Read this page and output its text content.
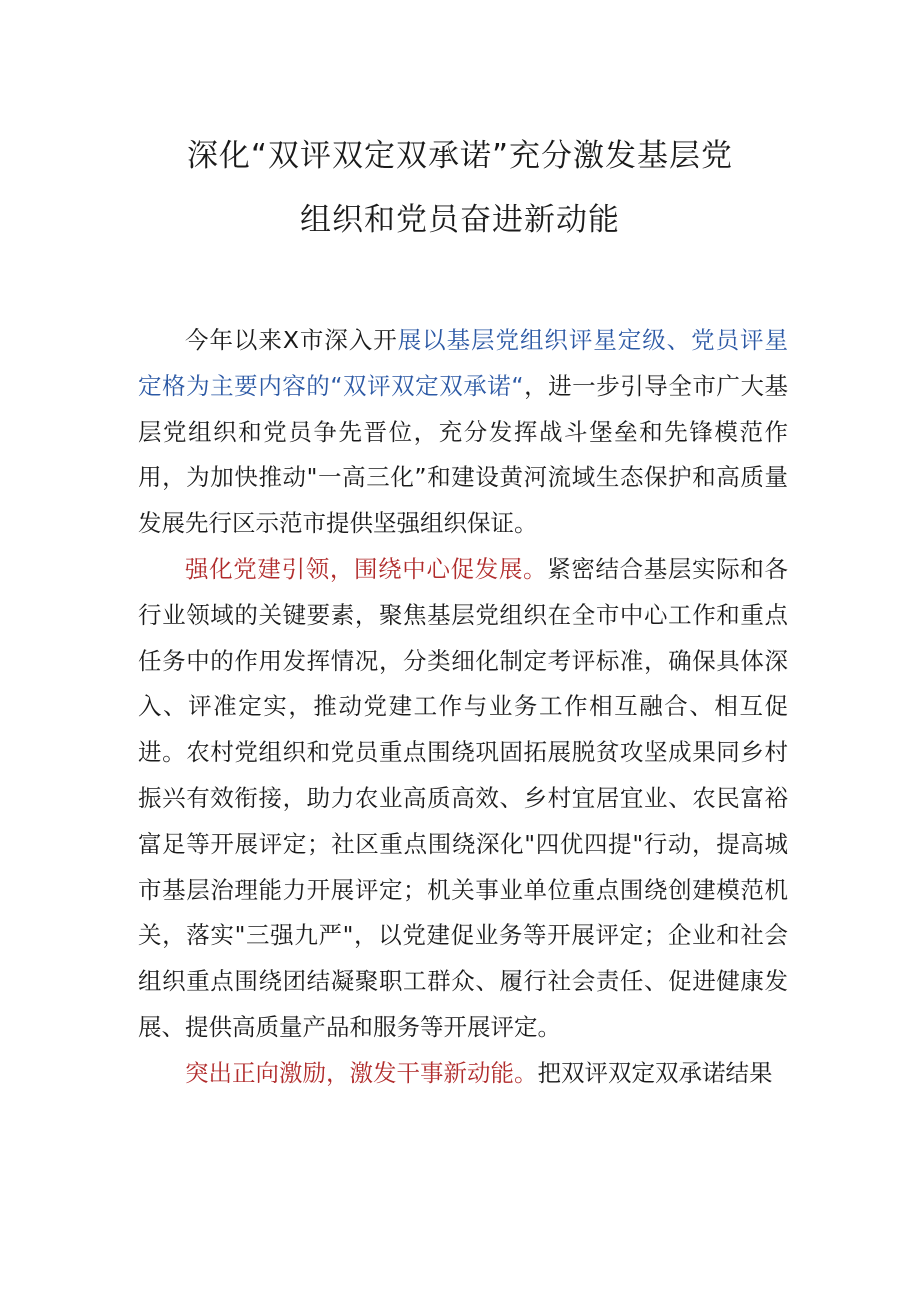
深化“双评双定双承诺”充分激发基层党
组织和党员奋进新动能

今年以来X市深入开展以基层党组织评星定级、党员评星定格为主要内容的“双评双定双承诺“，进一步引导全市广大基层党组织和党员争先晋位，充分发挥战斗堡垒和先锋模范作用，为加快推动"一高三化”和建设黄河流域生态保护和高质量发展先行区示范市提供坚强组织保证。

强化党建引领，围绕中心促发展。紧密结合基层实际和各行业领域的关键要素，聚焦基层党组织在全市中心工作和重点任务中的作用发挥情况，分类细化制定考评标准，确保具体深入、评准定实，推动党建工作与业务工作相互融合、相互促进。农村党组织和党员重点围绕巩固拓展脱贫攻坚成果同乡村振兴有效衔接，助力农业高质高效、乡村宜居宜业、农民富裕富足等开展评定；社区重点围绕深化"四优四提"行动，提高城市基层治理能力开展评定；机关事业单位重点围绕创建模范机关，落实"三强九严"，以党建促业务等开展评定；企业和社会组织重点围绕团结凝聚职工群众、履行社会责任、促进健康发展、提供高质量产品和服务等开展评定。

突出正向激励，激发干事新动能。把双评双定双承诺结果
